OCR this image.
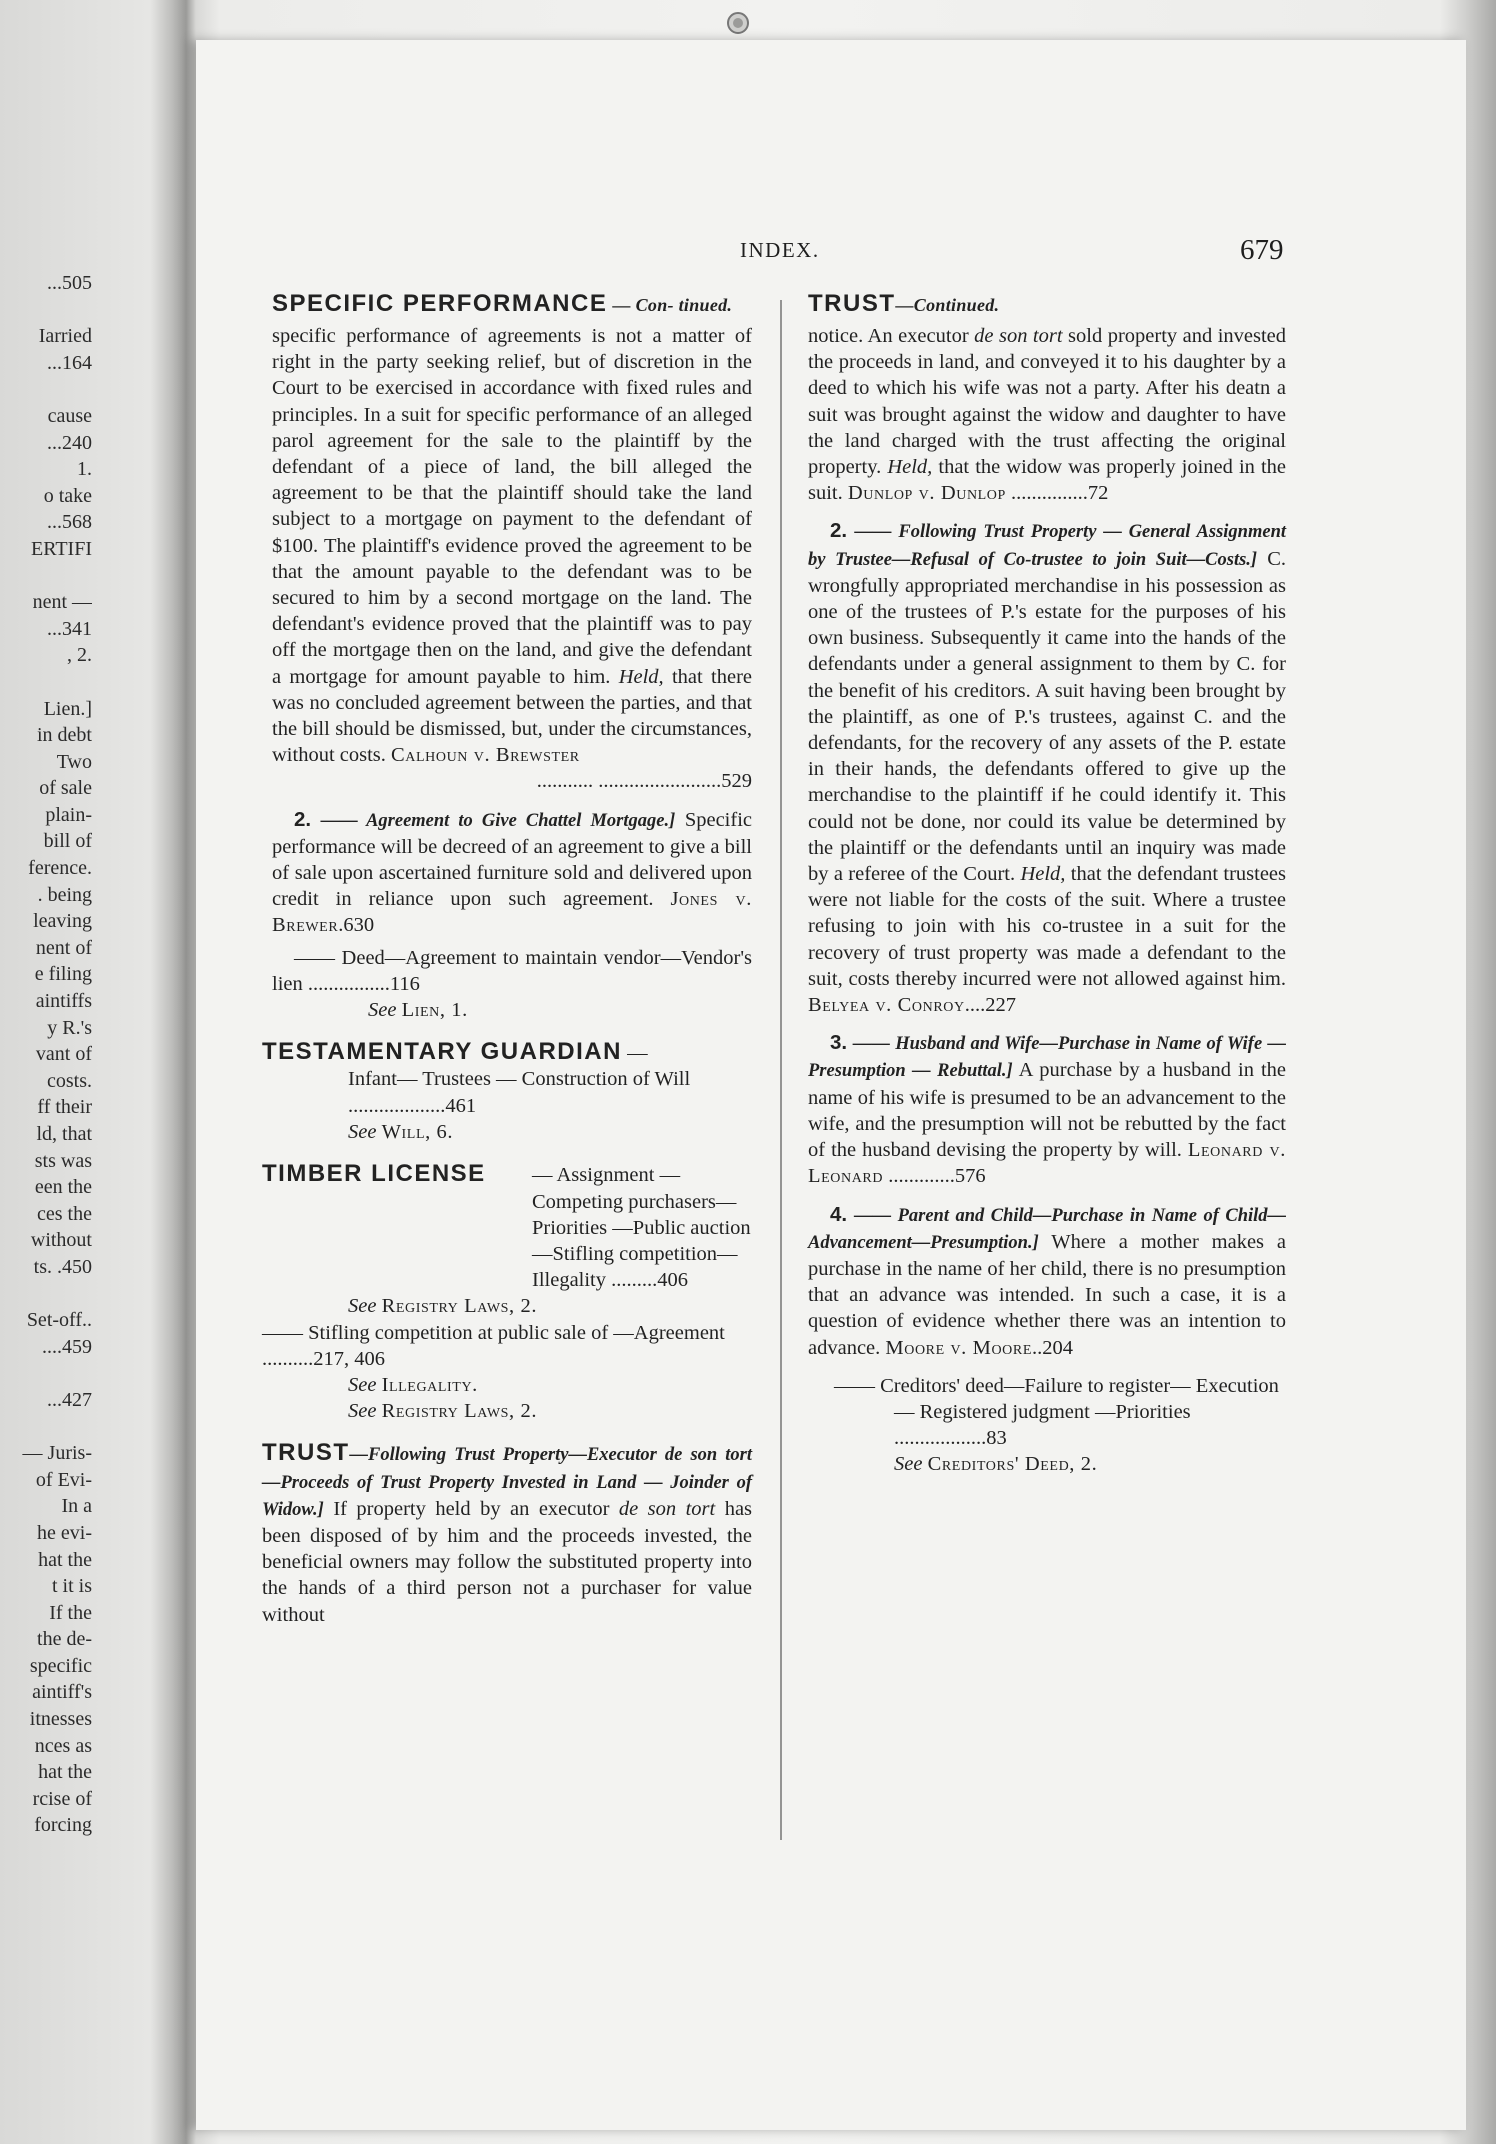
...505
Iarried
...164
cause
...240
1.
o take
...568
ERTIFI
nent —
...341
, 2.
Lien.]
in debt
Two
of sale
plain-
bill of
ference.
. being
leaving
nent of
e filing
aintiffs
y R.'s
vant of
costs.
ff their
ld, that
sts was
een the
ces the
without
ts. .450
Set-off..
....459
...427
— Juris-
of Evi-
In a
he evi-
hat the
t it is
If the
the de-
specific
aintiff's
itnesses
nces as
hat the
rcise of
forcing
INDEX.	679

SPECIFIC PERFORMANCE — Con- tinued.

specific performance of agreements is not a matter of right in the party seeking relief, but of discretion in the Court to be exercised in accordance with fixed rules and principles. In a suit for specific performance of an alleged parol agreement for the sale to the plaintiff by the defendant of a piece of land, the bill alleged the agreement to be that the plaintiff should take the land subject to a mortgage on payment to the defendant of $100. The plaintiff's evidence proved the agreement to be that the amount payable to the defendant was to be secured to him by a second mortgage on the land. The defendant's evidence proved that the plaintiff was to pay off the mortgage then on the land, and give the defendant a mortgage for amount payable to him. Held, that there was no concluded agreement between the parties, and that the bill should be dismissed, but, under the circumstances, without costs. Calhoun v. Brewster
........... ........................529

2. —— Agreement to Give Chattel Mortgage.] Specific performance will be decreed of an agreement to give a bill of sale upon ascertained furniture sold and delivered upon credit in reliance upon such agreement. Jones v. Brewer.630

—— Deed—Agreement to maintain vendor—Vendor's lien ................116

See Lien, 1.

TESTAMENTARY GUARDIAN —

Infant— Trustees — Construction of Will ...................461

See Will, 6.

TIMBER LICENSE	— Assignment — Competing purchasers—Priorities —Public auction—Stifling competition—Illegality .........406

See Registry Laws, 2.

—— Stifling competition at public sale of —Agreement ..........217, 406

See Illegality.

See Registry Laws, 2.

TRUST—Following Trust Property—Executor de son tort—Proceeds of Trust Property Invested in Land — Joinder of Widow.] If property held by an executor de son tort has been disposed of by him and the proceeds invested, the beneficial owners may follow the substituted property into the hands of a third person not a purchaser for value without

TRUST—Continued.

notice. An executor de son tort sold property and invested the proceeds in land, and conveyed it to his daughter by a deed to which his wife was not a party. After his deatn a suit was brought against the widow and daughter to have the land charged with the trust affecting the original property. Held, that the widow was properly joined in the suit. Dunlop v. Dunlop ...............72

2. —— Following Trust Property — General Assignment by Trustee—Refusal of Co-trustee to join Suit—Costs.] C. wrongfully appropriated merchandise in his possession as one of the trustees of P.'s estate for the purposes of his own business. Subsequently it came into the hands of the defendants under a general assignment to them by C. for the benefit of his creditors. A suit having been brought by the plaintiff, as one of P.'s trustees, against C. and the defendants, for the recovery of any assets of the P. estate in their hands, the defendants offered to give up the merchandise to the plaintiff if he could identify it. This could not be done, nor could its value be determined by the plaintiff or the defendants until an inquiry was made by a referee of the Court. Held, that the defendant trustees were not liable for the costs of the suit. Where a trustee refusing to join with his co-trustee in a suit for the recovery of trust property was made a defendant to the suit, costs thereby incurred were not allowed against him. Belyea v. Conroy....227

3. —— Husband and Wife—Purchase in Name of Wife — Presumption — Rebuttal.] A purchase by a husband in the name of his wife is presumed to be an advancement to the wife, and the presumption will not be rebutted by the fact of the husband devising the property by will. Leonard v. Leonard .............576

4. —— Parent and Child—Purchase in Name of Child—Advancement—Presumption.] Where a mother makes a purchase in the name of her child, there is no presumption that an advance was intended. In such a case, it is a question of evidence whether there was an intention to advance. Moore v. Moore..204

—— Creditors' deed—Failure to register— Execution— Registered judgment —Priorities ..................83

See Creditors' Deed, 2.
